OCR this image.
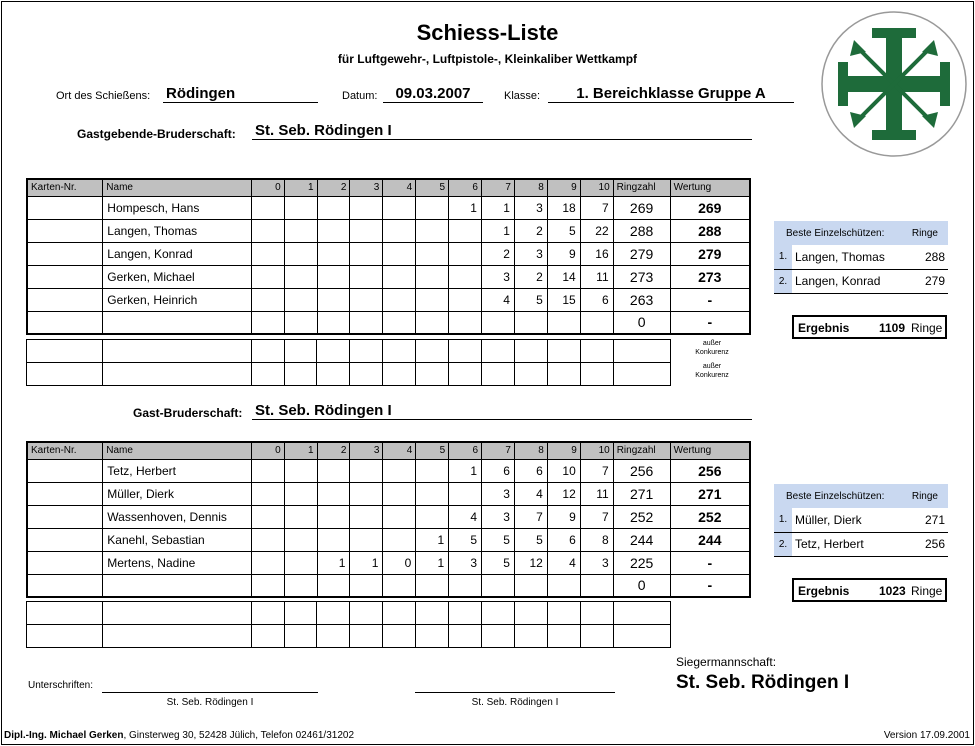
Schiess-Liste
für Luftgewehr-, Luftpistole-, Kleinkaliber Wettkampf
Ort des Schießens: Rödingen	Datum:	09.03.2007	Klasse:	1. Bereichklasse Gruppe A
Gastgebende-Bruderschaft: St. Seb. Rödingen I
Karten-Nr.	Name	0	1	2	3	4	5	6	7	8	9	10	Ringzahl	Wertung
	Hompesch, Hans							1	1	3	18	7	269	269
	Langen, Thomas								1	2	5	22	288	288
	Langen, Konrad								2	3	9	16	279	279
	Gerken, Michael								3	2	14	11	273	273
	Gerken, Heinrich								4	5	15	6	263	-
													0	-

außer Konkurenz
außer Konkurenz
Beste Einzelschützen:		Ringe
1.	Langen, Thomas	288
2.	Langen, Konrad	279
Ergebnis 1109 Ringe
Gast-Bruderschaft: St. Seb. Rödingen I
Karten-Nr.	Name	0	1	2	3	4	5	6	7	8	9	10	Ringzahl	Wertung
	Tetz, Herbert							1	6	6	10	7	256	256
	Müller, Dierk								3	4	12	11	271	271
	Wassenhoven, Dennis							4	3	7	9	7	252	252
	Kanehl, Sebastian						1	5	5	5	6	8	244	244
	Mertens, Nadine			1	1	0	1	3	5	12	4	3	225	-
													0	-

Beste Einzelschützen:		Ringe
1.	Müller, Dierk	271
2.	Tetz, Herbert	256
Ergebnis 1023 Ringe
Siegermannschaft:
St. Seb. Rödingen I
Unterschriften:
St. Seb. Rödingen I	St. Seb. Rödingen I
Dipl.-Ing. Michael Gerken, Ginsterweg 30, 52428 Jülich, Telefon 02461/31202	Version 17.09.2001
